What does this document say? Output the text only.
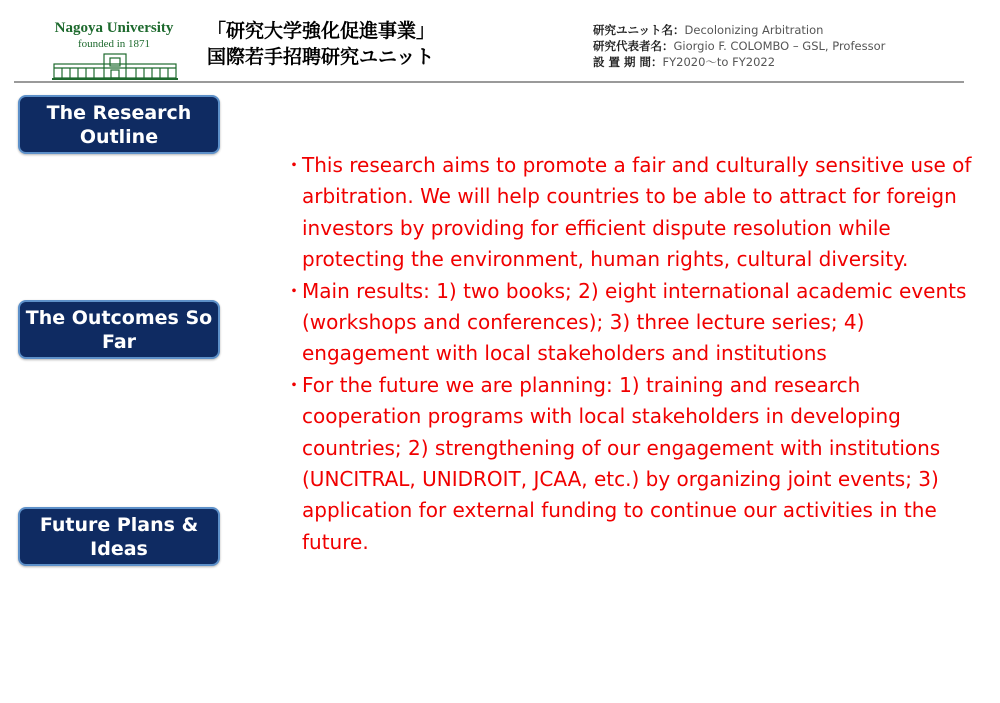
Nagoya University
founded in 1871
「研究大学強化促進事業」
国際若手招聘研究ユニット
研究ユニット名：Decolonizing Arbitration
研究代表者名：Giorgio F. COLOMBO – GSL, Professor
設 置 期 間：FY2020～to FY2022
The Research Outline
The Outcomes So Far
Future Plans & Ideas
・
This research aims to promote a fair and culturally sensitive use of arbitration. We will help countries to be able to attract for foreign investors by providing for efficient dispute resolution while protecting the environment, human rights, cultural diversity.
・
Main results: 1) two books; 2) eight international academic events (workshops and conferences); 3) three lecture series; 4) engagement with local stakeholders and institutions
・
For the future we are planning: 1) training and research cooperation programs with local stakeholders in developing countries; 2) strengthening of our engagement with institutions (UNCITRAL, UNIDROIT, JCAA, etc.) by organizing joint events; 3) application for external funding to continue our activities in the future.
